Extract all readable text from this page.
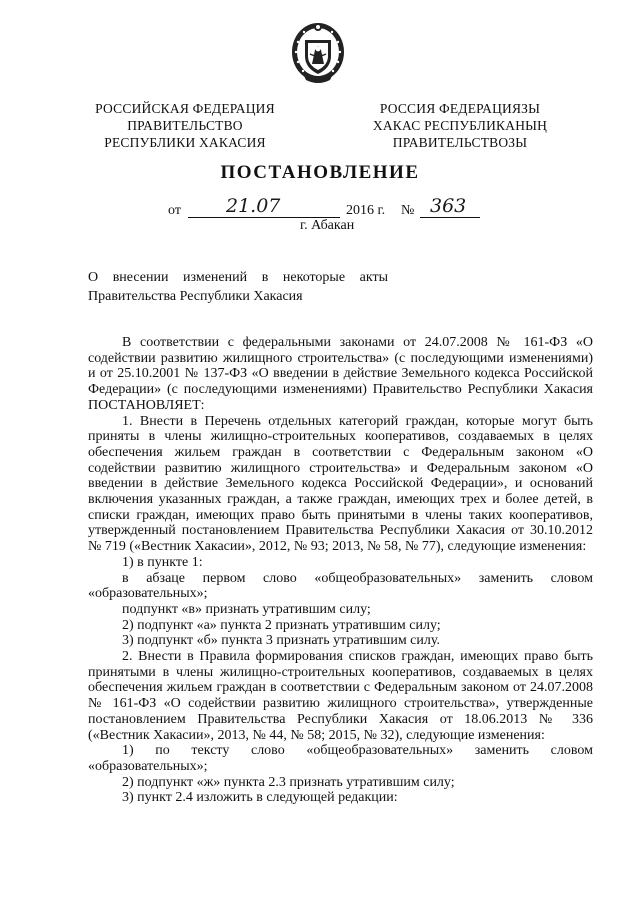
РОССИЙСКАЯ ФЕДЕРАЦИЯ
ПРАВИТЕЛЬСТВО
РЕСПУБЛИКИ ХАКАСИЯ
РОССИЯ ФЕДЕРАЦИЯЗЫ
ХАКАС РЕСПУБЛИКАНЫҢ
ПРАВИТЕЛЬСТВОЗЫ
ПОСТАНОВЛЕНИЕ
от 21.07	2016 г. № 363
г. Абакан
О внесении изменений в некоторые акты
Правительства Республики Хакасия

В соответствии с федеральными законами от 24.07.2008 № 161-ФЗ «О содействии развитию жилищного строительства» (с последующими изменениями) и от 25.10.2001 № 137-ФЗ «О введении в действие Земельного кодекса Российской Федерации» (с последующими изменениями) Правительство Республики Хакасия ПОСТАНОВЛЯЕТ:

1. Внести в Перечень отдельных категорий граждан, которые могут быть приняты в члены жилищно-строительных кооперативов, создаваемых в целях обеспечения жильем граждан в соответствии с Федеральным законом «О содействии развитию жилищного строительства» и Федеральным законом «О введении в действие Земельного кодекса Российской Федерации», и оснований включения указанных граждан, а также граждан, имеющих трех и более детей, в списки граждан, имеющих право быть принятыми в члены таких кооперативов, утвержденный постановлением Правительства Республики Хакасия от 30.10.2012 № 719 («Вестник Хакасии», 2012, № 93; 2013, № 58, № 77), следующие изменения:

1) в пункте 1:

в абзаце первом слово «общеобразовательных» заменить словом

«образовательных»;

подпункт «в» признать утратившим силу;

2) подпункт «а» пункта 2 признать утратившим силу;

3) подпункт «б» пункта 3 признать утратившим силу.

2. Внести в Правила формирования списков граждан, имеющих право быть принятыми в члены жилищно-строительных кооперативов, создаваемых в целях обеспечения жильем граждан в соответствии с Федеральным законом от 24.07.2008 № 161-ФЗ «О содействии развитию жилищного строительства», утвержденные постановлением Правительства Республики Хакасия от 18.06.2013 № 336 («Вестник Хакасии», 2013, № 44, № 58; 2015, № 32), следующие изменения:

1) по тексту слово «общеобразовательных» заменить словом

«образовательных»;

2) подпункт «ж» пункта 2.3 признать утратившим силу;

3) пункт 2.4 изложить в следующей редакции:
